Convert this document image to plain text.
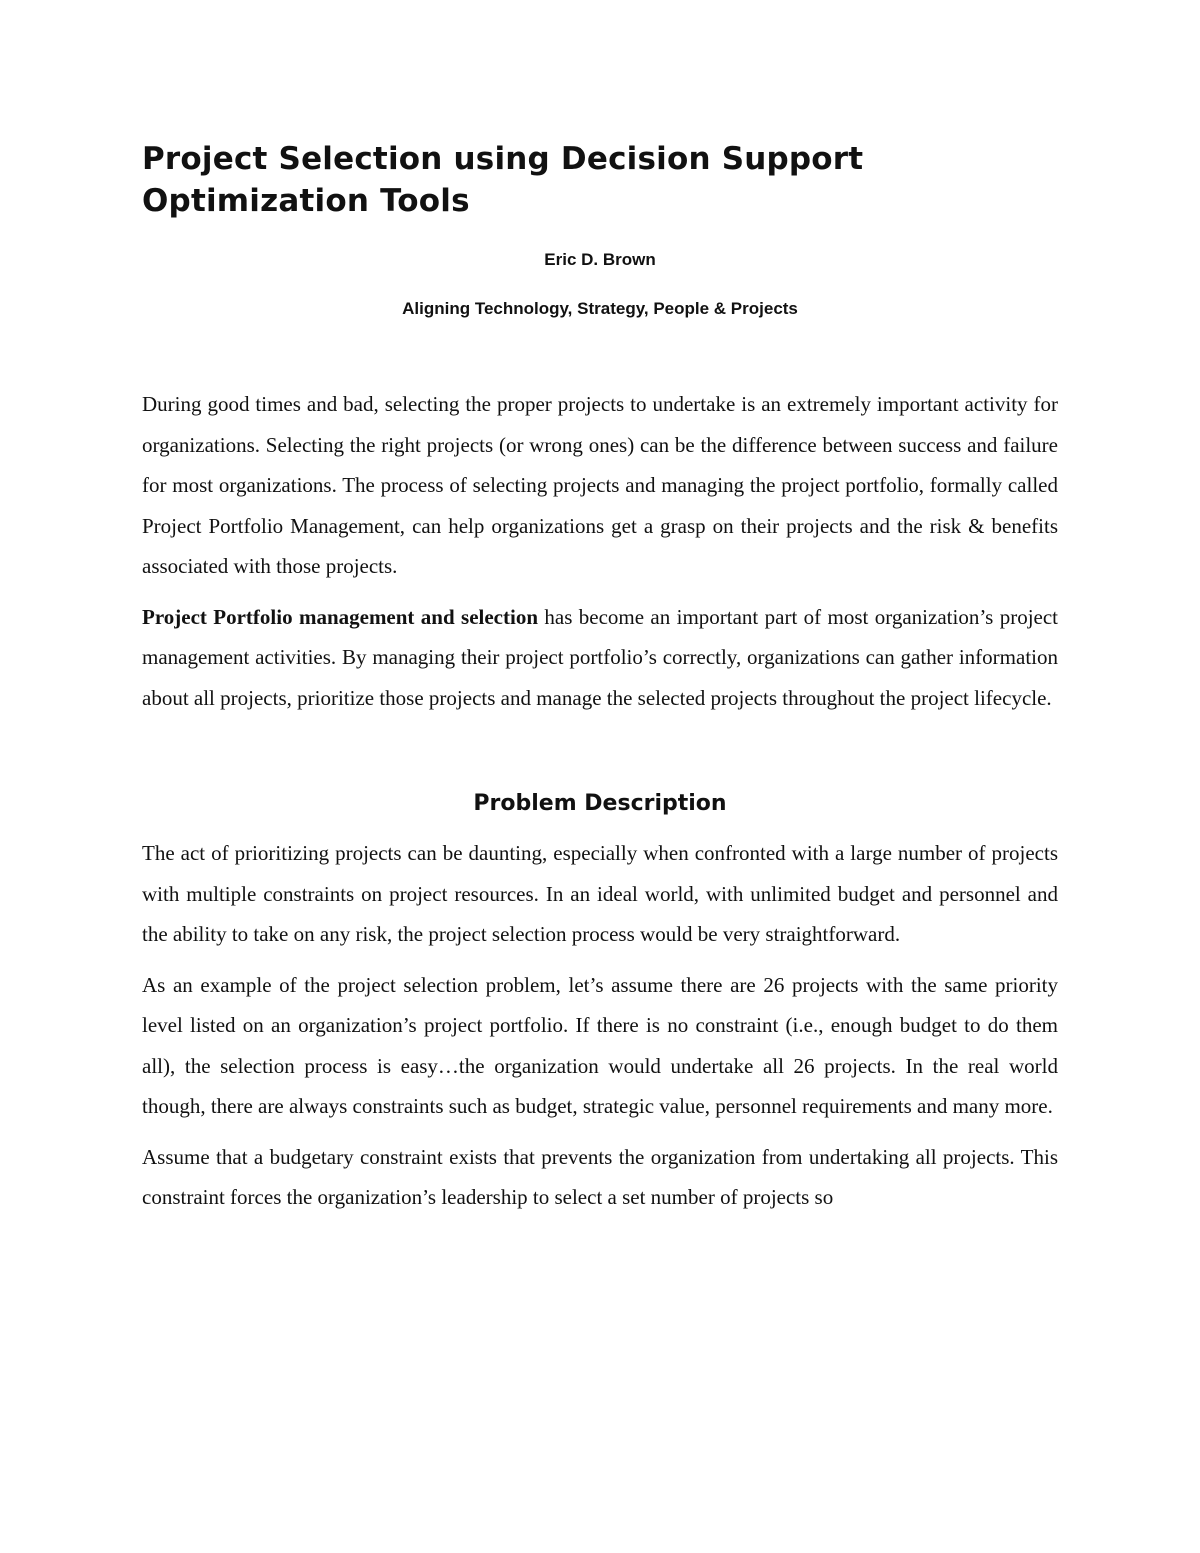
Project Selection using Decision Support Optimization Tools
Eric D. Brown
Aligning Technology, Strategy, People & Projects

During good times and bad, selecting the proper projects to undertake is an extremely important activity for organizations. Selecting the right projects (or wrong ones) can be the difference between success and failure for most organizations. The process of selecting projects and managing the project portfolio, formally called Project Portfolio Management, can help organizations get a grasp on their projects and the risk & benefits associated with those projects.

Project Portfolio management and selection has become an important part of most organization’s project management activities. By managing their project portfolio’s correctly, organizations can gather information about all projects, prioritize those projects and manage the selected projects throughout the project lifecycle.

Problem Description

The act of prioritizing projects can be daunting, especially when confronted with a large number of projects with multiple constraints on project resources. In an ideal world, with unlimited budget and personnel and the ability to take on any risk, the project selection process would be very straightforward.

As an example of the project selection problem, let’s assume there are 26 projects with the same priority level listed on an organization’s project portfolio. If there is no constraint (i.e., enough budget to do them all), the selection process is easy…the organization would undertake all 26 projects. In the real world though, there are always constraints such as budget, strategic value, personnel requirements and many more.

Assume that a budgetary constraint exists that prevents the organization from undertaking all projects. This constraint forces the organization’s leadership to select a set number of projects so
